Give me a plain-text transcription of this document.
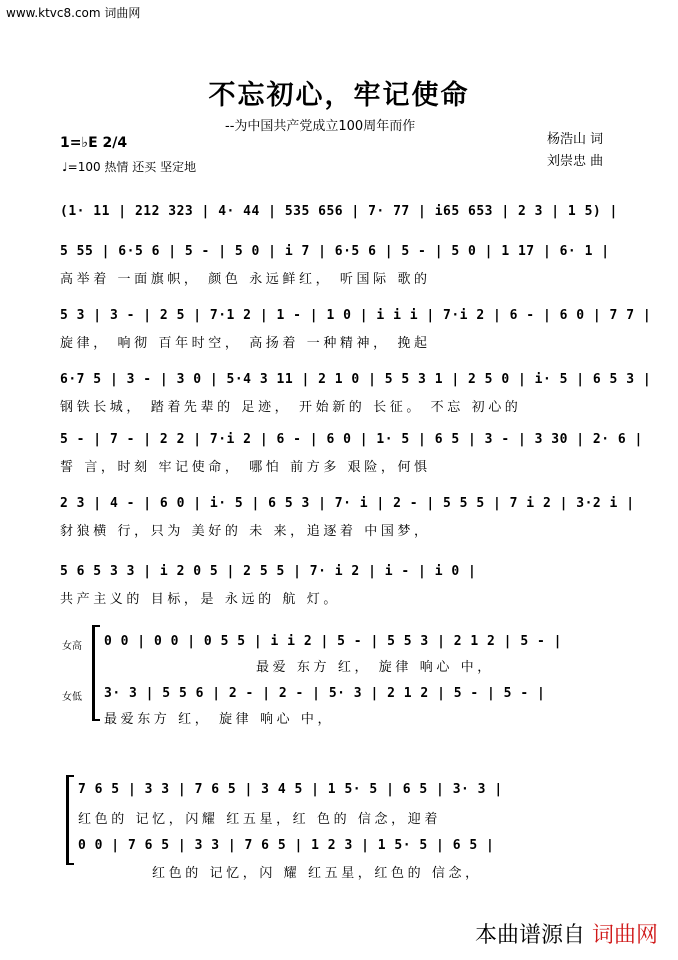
www.ktvc8.com 词曲网
不忘初心，牢记使命
--为中国共产党成立100周年而作
杨浩山 词
刘崇忠 曲
1=♭E 2/4
♩=100 热情 还买 坚定地
(1· 11 | 212 323 | 4· 44 | 535 656 | 7· 77 | i65 653 | 2 3 | 1 5) |
5 55 | 6·5 6 | 5 - | 5 0 | i 7 | 6·5 6 | 5 - | 5 0 | 1 17 | 6· 1 |
高举着 一面旗帜， 颜色 永远鲜红， 听国际 歌的
5 3 | 3 - | 2 5 | 7·1 2 | 1 - | 1 0 | i i i | 7·i 2 | 6 - | 6 0 | 7 7 |
旋律， 响彻 百年时空， 高扬着 一种精神， 挽起
6·7 5 | 3 - | 3 0 | 5·4 3 11 | 2 1 0 | 5 5 3 1 | 2 5 0 | i· 5 | 6 5 3 |
钢铁长城， 踏着先辈的 足迹， 开始新的 长征。 不忘 初心的
5 - | 7 - | 2 2 | 7·i 2 | 6 - | 6 0 | 1· 5 | 6 5 | 3 - | 3 30 | 2· 6 |
誓 言，时刻 牢记使命， 哪怕 前方多 艰险，何惧
2 3 | 4 - | 6 0 | i· 5 | 6 5 3 | 7· i | 2 - | 5 5 5 | 7 i 2 | 3·2 i |
豺狼横 行，只为 美好的 未 来，追逐着 中国梦，
5 6 5 3 3 | i 2 0 5 | 2 5 5 | 7· i 2 | i - | i 0 |
共产主义的 目标，是 永远的 航 灯。
女高
女低
0 0 | 0 0 | 0 5 5 | i i 2 | 5 - | 5 5 3 | 2 1 2 | 5 - |
最爱 东方 红， 旋律 响心 中，
3· 3 | 5 5 6 | 2 - | 2 - | 5· 3 | 2 1 2 | 5 - | 5 - |
最爱东方 红， 旋律 响心 中，
7 6 5 | 3 3 | 7 6 5 | 3 4 5 | 1 5· 5 | 6 5 | 3· 3 |
红色的 记忆，闪耀 红五星，红 色的 信念，迎着
0 0 | 7 6 5 | 3 3 | 7 6 5 | 1 2 3 | 1 5· 5 | 6 5 |
红色的 记忆，闪 耀 红五星，红色的 信念，
本曲谱源自 词曲网
